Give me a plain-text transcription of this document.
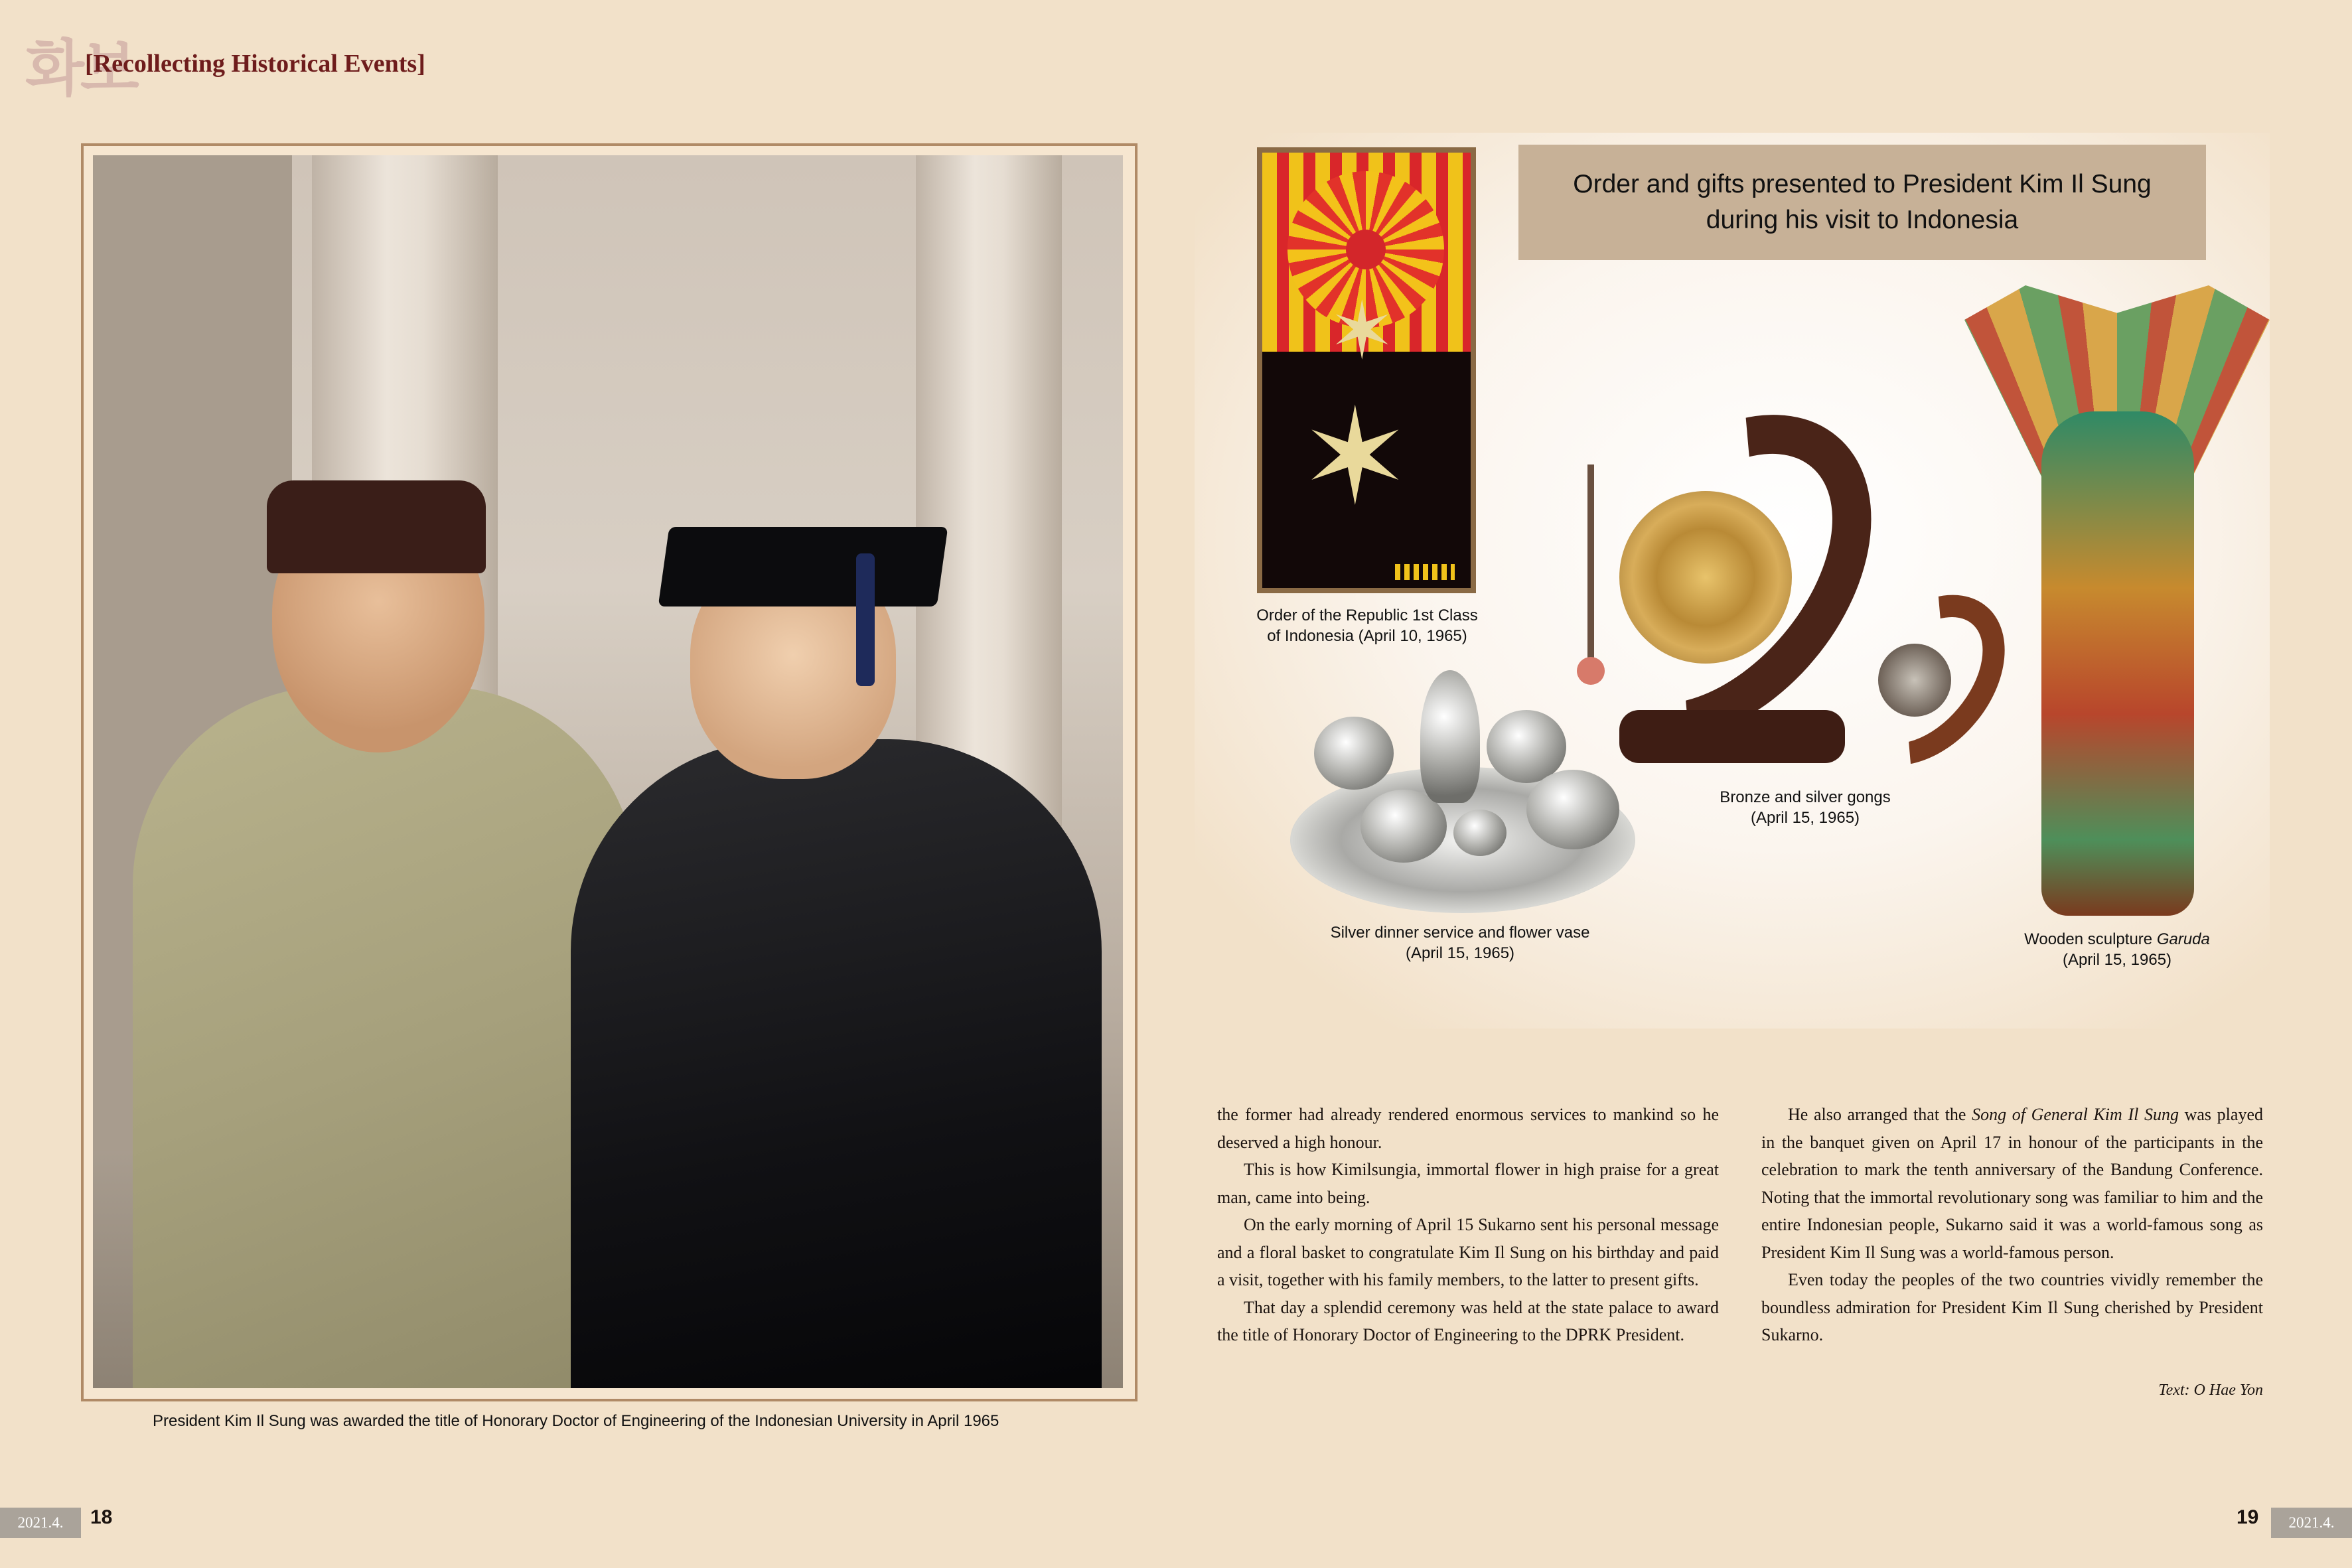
화보
[Recollecting Historical Events]
President Kim Il Sung was awarded the title of Honorary Doctor of Engineering of the Indonesian University in April 1965
Order and gifts presented to President Kim Il Sung
during his visit to Indonesia
✶
✶
Order of the Republic 1st Class
of Indonesia (April 10, 1965)
Bronze and silver gongs
(April 15, 1965)
Silver dinner service and flower vase
(April 15, 1965)
Wooden sculpture Garuda
(April 15, 1965)

the former had already rendered enormous services to mankind so he deserved a high honour.

This is how Kimilsungia, immortal flower in high praise for a great man, came into being.

On the early morning of April 15 Sukarno sent his personal message and a floral basket to congratulate Kim Il Sung on his birthday and paid a visit, together with his family members, to the latter to present gifts.

That day a splendid ceremony was held at the state palace to award the title of Honorary Doctor of Engineering to the DPRK President.

He also arranged that the Song of General Kim Il Sung was played in the banquet given on April 17 in honour of the participants in the celebration to mark the tenth anniversary of the Bandung Conference. Noting that the immortal revolutionary song was familiar to him and the entire Indonesian people, Sukarno said it was a world-famous song as President Kim Il Sung was a world-famous person.

Even today the peoples of the two countries vividly remember the boundless admiration for President Kim Il Sung cherished by President Sukarno.

Text: O Hae Yon
2021.4.	18	19	2021.4.
